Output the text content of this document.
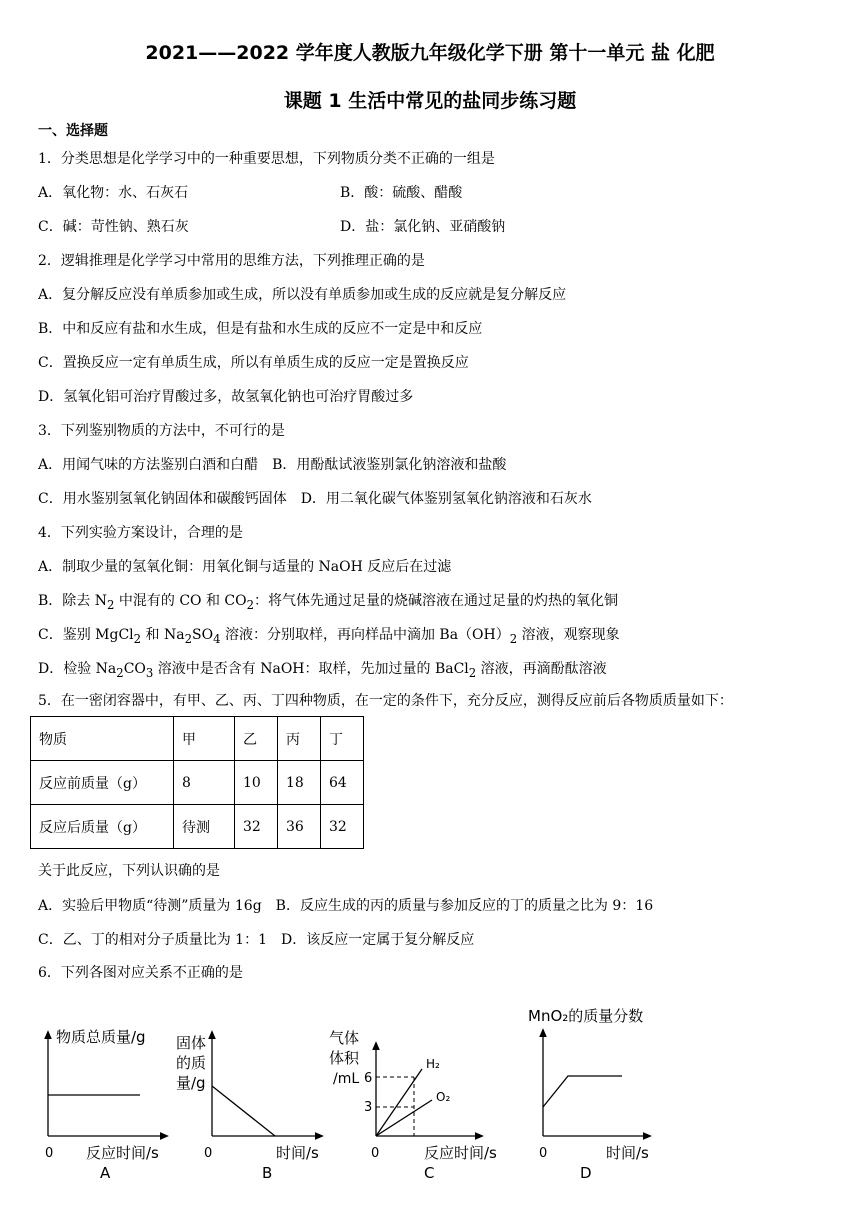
2021——2022 学年度人教版九年级化学下册 第十一单元 盐 化肥
课题 1 生活中常见的盐同步练习题
一、选择题
1．分类思想是化学学习中的一种重要思想，下列物质分类不正确的一组是
A．氧化物：水、石灰石	B．酸：硫酸、醋酸
C．碱：苛性钠、熟石灰	D．盐：氯化钠、亚硝酸钠
2．逻辑推理是化学学习中常用的思维方法，下列推理正确的是
A．复分解反应没有单质参加或生成，所以没有单质参加或生成的反应就是复分解反应
B．中和反应有盐和水生成，但是有盐和水生成的反应不一定是中和反应
C．置换反应一定有单质生成，所以有单质生成的反应一定是置换反应
D．氢氧化铝可治疗胃酸过多，故氢氧化钠也可治疗胃酸过多
3．下列鉴别物质的方法中，不可行的是
A．用闻气味的方法鉴别白酒和白醋　B．用酚酞试液鉴别氯化钠溶液和盐酸
C．用水鉴别氢氧化钠固体和碳酸钙固体　D．用二氧化碳气体鉴别氢氧化钠溶液和石灰水
4．下列实验方案设计，合理的是
A．制取少量的氢氧化铜：用氧化铜与适量的 NaOH 反应后在过滤
B．除去 $N_2$ 中混有的 CO 和 $CO_2$：将气体先通过足量的烧碱溶液在通过足量的灼热的氧化铜
C．鉴别 MgCl$_2$ 和 $Na_2SO_4$ 溶液：分别取样，再向样品中滴加 $Ba(OH)_2$ 溶液，观察现象
D．检验 $Na_2CO_3$ 溶液中是否含有 NaOH：取样，先加过量的 BaCl$_2$ 溶液，再滴酚酞溶液
5．在一密闭容器中，有甲、乙、丙、丁四种物质，在一定的条件下，充分反应，测得反应前后各物质质量如下：
物质	甲	乙	丙	丁
反应前质量（g）	8	10	18	64
反应后质量（g）	待测	32	36	32
关于此反应，下列认识确的是
A．实验后甲物质“待测”质量为 16g　B．反应生成的丙的质量与参加反应的丁的质量之比为 9：16
C．乙、丁的相对分子质量比为 1：1　D．该反应一定属于复分解反应
6．下列各图对应关系不正确的是
物质总质量/g
0 反应时间/s
A
固体
的质
量/g
0	时间/s
B
气体
体积
/mL 6
3
H₂
O₂
0	反应时间/s
C
MnO₂的质量分数
0	时间/s
D
